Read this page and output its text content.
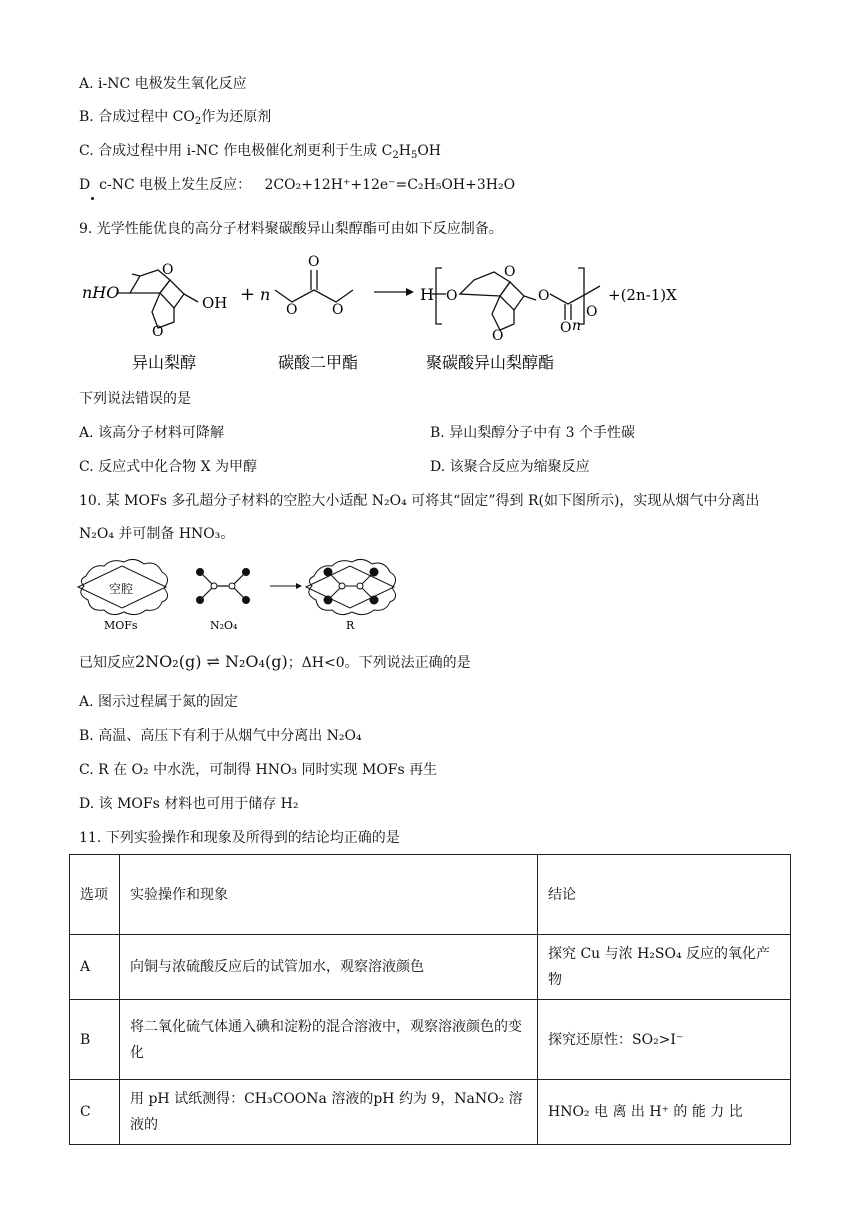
A. i-NC 电极发生氧化反应
B. 合成过程中 $CO_2$作为还原剂
C. 合成过程中用 i-NC 作电极催化剂更利于生成 $C_2H_5OH$
D c-NC 电极上发生反应： 2CO₂+12H⁺+12e⁻=C₂H₅OH+3H₂O
9. 光学性能优良的高分子材料聚碳酸异山梨醇酯可由如下反应制备。
nHO
O
O
OH + n
O
O O
H O
O
O
O
O
O
n
+(2n-1)X
异山梨醇	碳酸二甲酯	聚碳酸异山梨醇酯
下列说法错误的是
A. 该高分子材料可降解	B. 异山梨醇分子中有 3 个手性碳
C. 反应式中化合物 X 为甲醇	D. 该聚合反应为缩聚反应
10. 某 MOFs 多孔超分子材料的空腔大小适配 N₂O₄ 可将其“固定”得到 R(如下图所示)，实现从烟气中分离出
N₂O₄ 并可制备 HNO₃。
空腔
MOFs	N₂O₄	R
已知反应2NO₂(g) ⇌ N₂O₄(g)；ΔH<0。下列说法正确的是
A. 图示过程属于氮的固定
B. 高温、高压下有利于从烟气中分离出 N₂O₄
C. R 在 O₂ 中水洗，可制得 HNO₃ 同时实现 MOFs 再生
D. 该 MOFs 材料也可用于储存 H₂
11. 下列实验操作和现象及所得到的结论均正确的是
选项	实验操作和现象	结论
A	向铜与浓硫酸反应后的试管加水，观察溶液颜色	探究 Cu 与浓 H₂SO₄ 反应的氧化产物
B	将二氧化硫气体通入碘和淀粉的混合溶液中，观察溶液颜色的变化	探究还原性：SO₂>I⁻
C	用 pH 试纸测得：CH₃COONa 溶液的pH 约为 9，NaNO₂ 溶液的	HNO₂ 电 离 出 H⁺ 的 能 力 比
